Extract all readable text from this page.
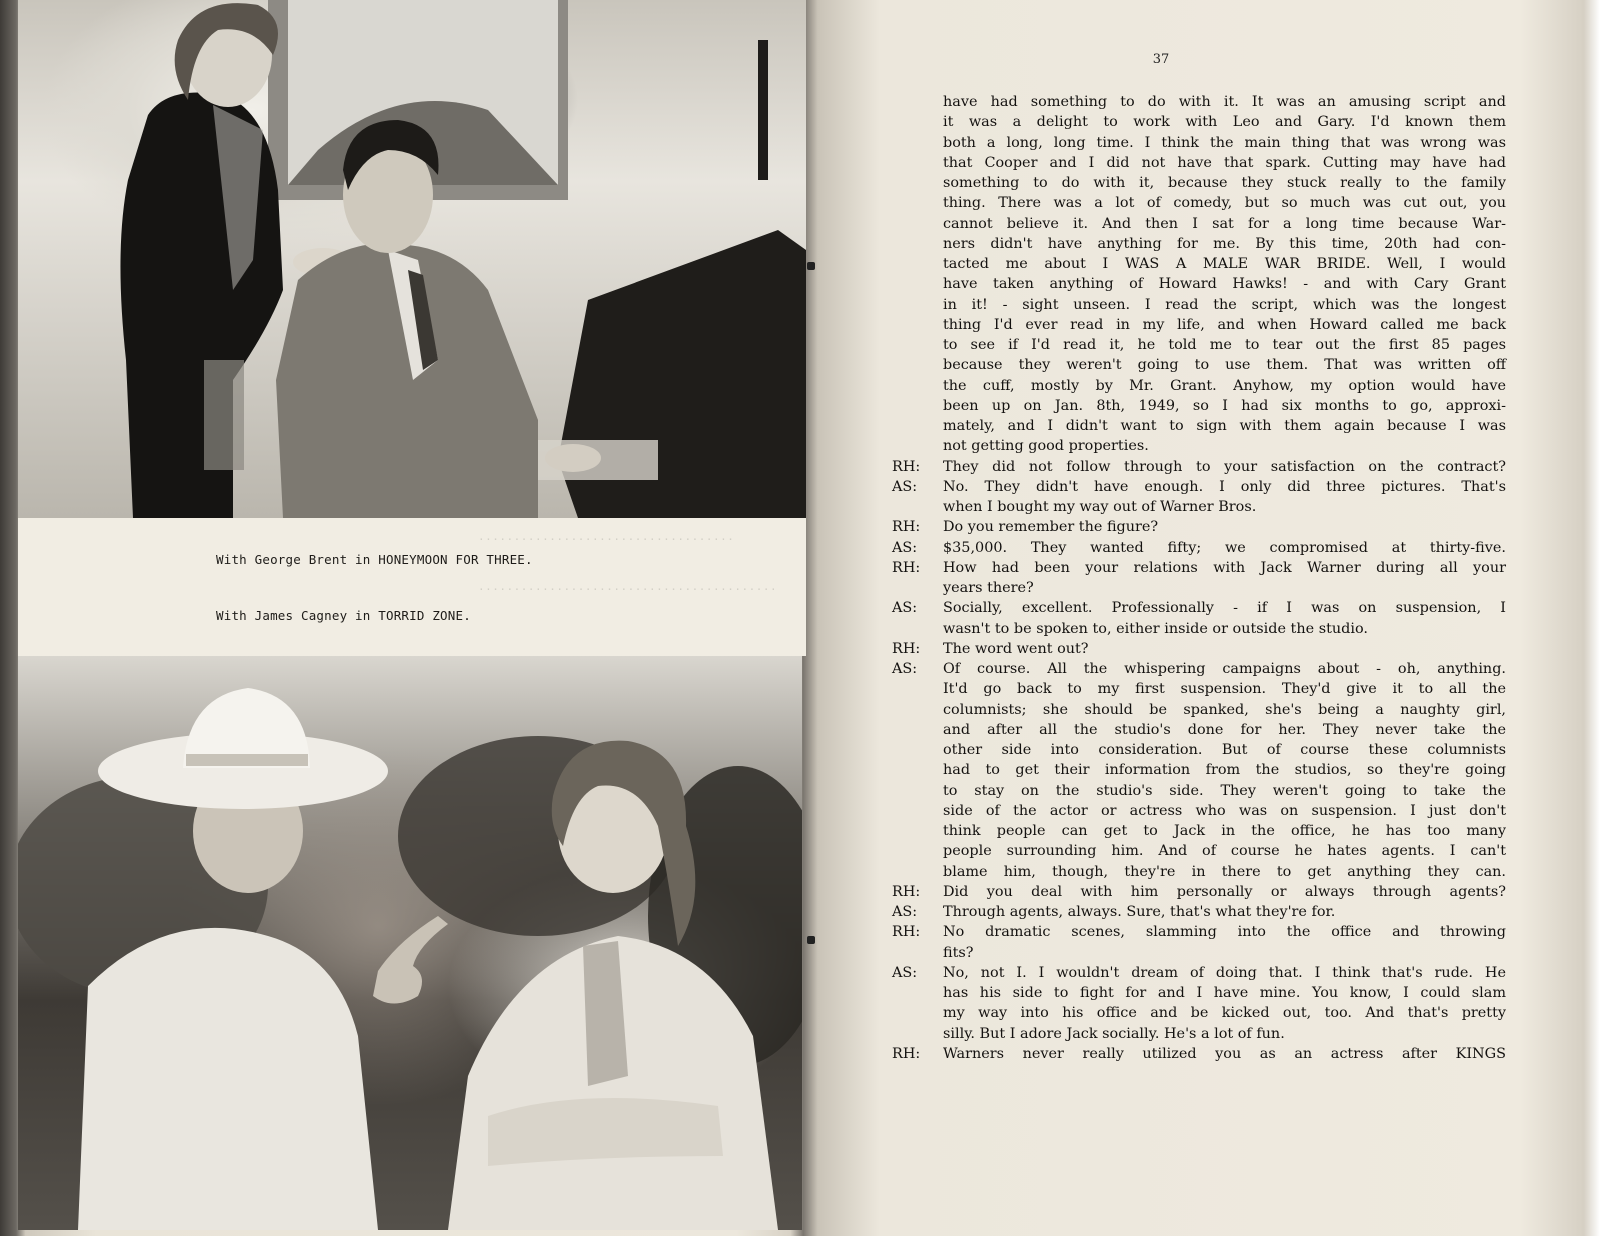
....................................
..........................................
With George Brent in HONEYMOON FOR THREE.
With James Cagney in TORRID ZONE.
37
have had something to do with it. It was an amusing script and
it was a delight to work with Leo and Gary. I'd known them
both a long, long time. I think the main thing that was wrong was
that Cooper and I did not have that spark. Cutting may have had
something to do with it, because they stuck really to the family
thing. There was a lot of comedy, but so much was cut out, you
cannot believe it. And then I sat for a long time because War-
ners didn't have anything for me. By this time, 20th had con-
tacted me about I WAS A MALE WAR BRIDE. Well, I would
have taken anything of Howard Hawks! - and with Cary Grant
in it! - sight unseen. I read the script, which was the longest
thing I'd ever read in my life, and when Howard called me back
to see if I'd read it, he told me to tear out the first 85 pages
because they weren't going to use them. That was written off
the cuff, mostly by Mr. Grant. Anyhow, my option would have
been up on Jan. 8th, 1949, so I had six months to go, approxi-
mately, and I didn't want to sign with them again because I was
not getting good properties.
RH:	They did not follow through to your satisfaction on the contract?
AS:	No. They didn't have enough. I only did three pictures. That's
when I bought my way out of Warner Bros.
RH:	Do you remember the figure?
AS:	$35,000. They wanted fifty; we compromised at thirty-five.
RH:	How had been your relations with Jack Warner during all your
years there?
AS:	Socially, excellent. Professionally - if I was on suspension, I
wasn't to be spoken to, either inside or outside the studio.
RH:	The word went out?
AS:	Of course. All the whispering campaigns about - oh, anything.
It'd go back to my first suspension. They'd give it to all the
columnists; she should be spanked, she's being a naughty girl,
and after all the studio's done for her. They never take the
other side into consideration. But of course these columnists
had to get their information from the studios, so they're going
to stay on the studio's side. They weren't going to take the
side of the actor or actress who was on suspension. I just don't
think people can get to Jack in the office, he has too many
people surrounding him. And of course he hates agents. I can't
blame him, though, they're in there to get anything they can.
RH:	Did you deal with him personally or always through agents?
AS:	Through agents, always. Sure, that's what they're for.
RH:	No dramatic scenes, slamming into the office and throwing
fits?
AS:	No, not I. I wouldn't dream of doing that. I think that's rude. He
has his side to fight for and I have mine. You know, I could slam
my way into his office and be kicked out, too. And that's pretty
silly. But I adore Jack socially. He's a lot of fun.
RH:	Warners never really utilized you as an actress after KINGS
